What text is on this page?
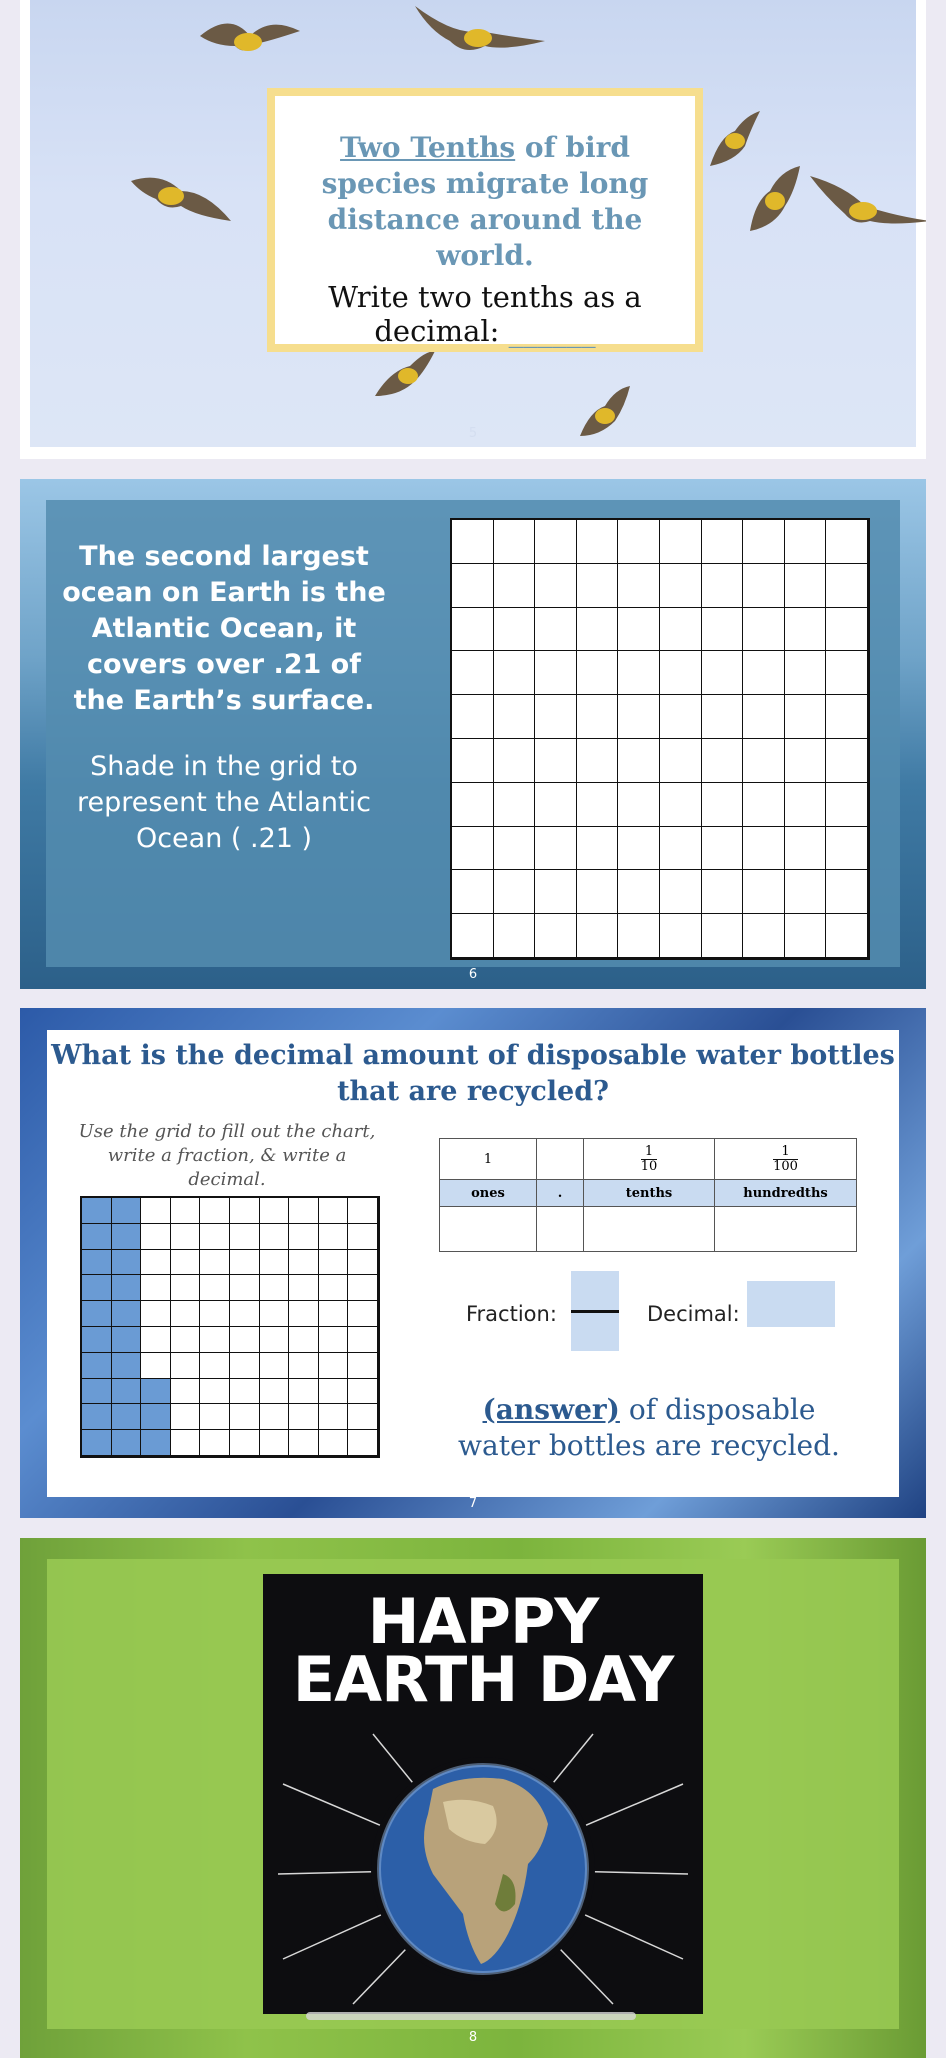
Two Tenths of bird species migrate long distance around the world.
Write two tenths as a decimal: ______
5
The second largest ocean on Earth is the Atlantic Ocean, it covers over .21 of the Earth’s surface.
Shade in the grid to represent the Atlantic Ocean ( .21 )
6
What is the decimal amount of disposable water bottles that are recycled?
Use the grid to fill out the chart, write a fraction, & write a decimal.
1		$\frac{1}{10}$	$\frac{1}{100}$

ones	.	tenths	hundredths

Fraction:	Decimal:
(answer) of disposable water bottles are recycled.
7
HAPPY
EARTH DAY
8
